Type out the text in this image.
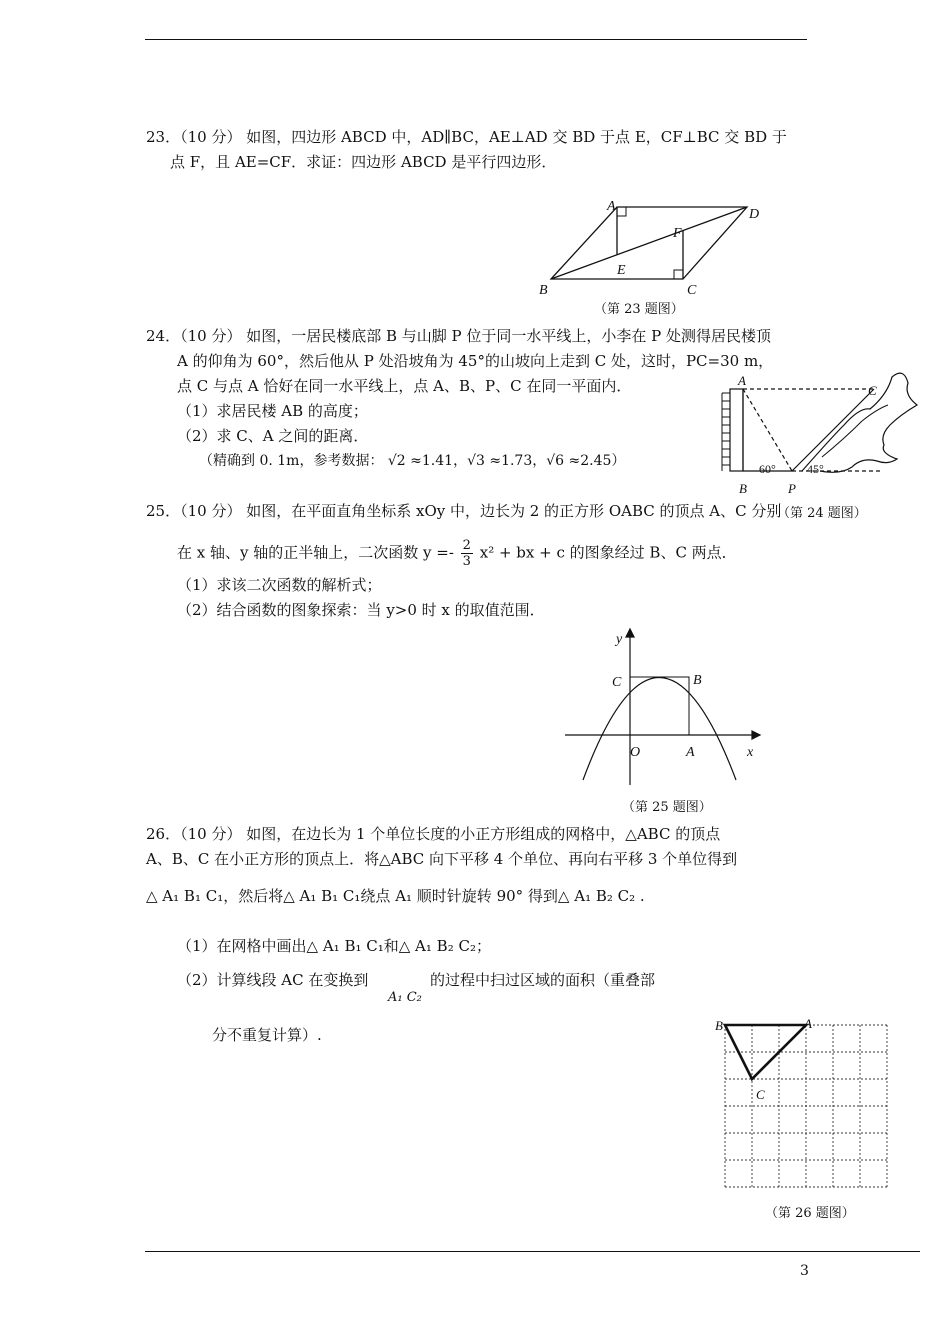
23．（10 分） 如图，四边形 ABCD 中，AD∥BC，AE⊥AD 交 BD 于点 E，CF⊥BC 交 BD 于
点 F，且 AE=CF．求证：四边形 ABCD 是平行四边形．
A
D
B	C
E
F
（第 23 题图）
24．（10 分） 如图，一居民楼底部 B 与山脚 P 位于同一水平线上，小李在 P 处测得居民楼顶
A 的仰角为 60°，然后他从 P 处沿坡角为 45°的山坡向上走到 C 处，这时，PC=30 m，
点 C 与点 A 恰好在同一水平线上，点 A、B、P、C 在同一平面内．
（1）求居民楼 AB 的高度；
（2）求 C、A 之间的距离．
（精确到 0. 1m，参考数据： √2 ≈1.41，√3 ≈1.73，√6 ≈2.45）
A
C
60°	45°
B	P
（第 24 题图）
25．（10 分） 如图，在平面直角坐标系 xOy 中，边长为 2 的正方形 OABC 的顶点 A、C 分别
在 x 轴、y 轴的正半轴上，二次函数 $y =- \frac{2}{3} x^2$ + bx + c 的图象经过 B、C 两点．
（1）求该二次函数的解析式；
（2）结合函数的图象探索：当 y>0 时 x 的取值范围．
y
x
O	A
B
C
（第 25 题图）
26．（10 分） 如图，在边长为 1 个单位长度的小正方形组成的网格中，△ABC 的顶点
A、B、C 在小正方形的顶点上．将△ABC 向下平移 4 个单位、再向右平移 3 个单位得到
△ A₁ B₁ C₁，然后将△ A₁ B₁ C₁绕点 A₁ 顺时针旋转 90° 得到△ A₁ B₂ C₂ .
（1）在网格中画出△ A₁ B₁ C₁和△ A₁ B₂ C₂；
（2）计算线段 AC 在变换到
A₁ C₂
的过程中扫过区域的面积（重叠部
分不重复计算）.
B	A
C
（第 26 题图）
3
